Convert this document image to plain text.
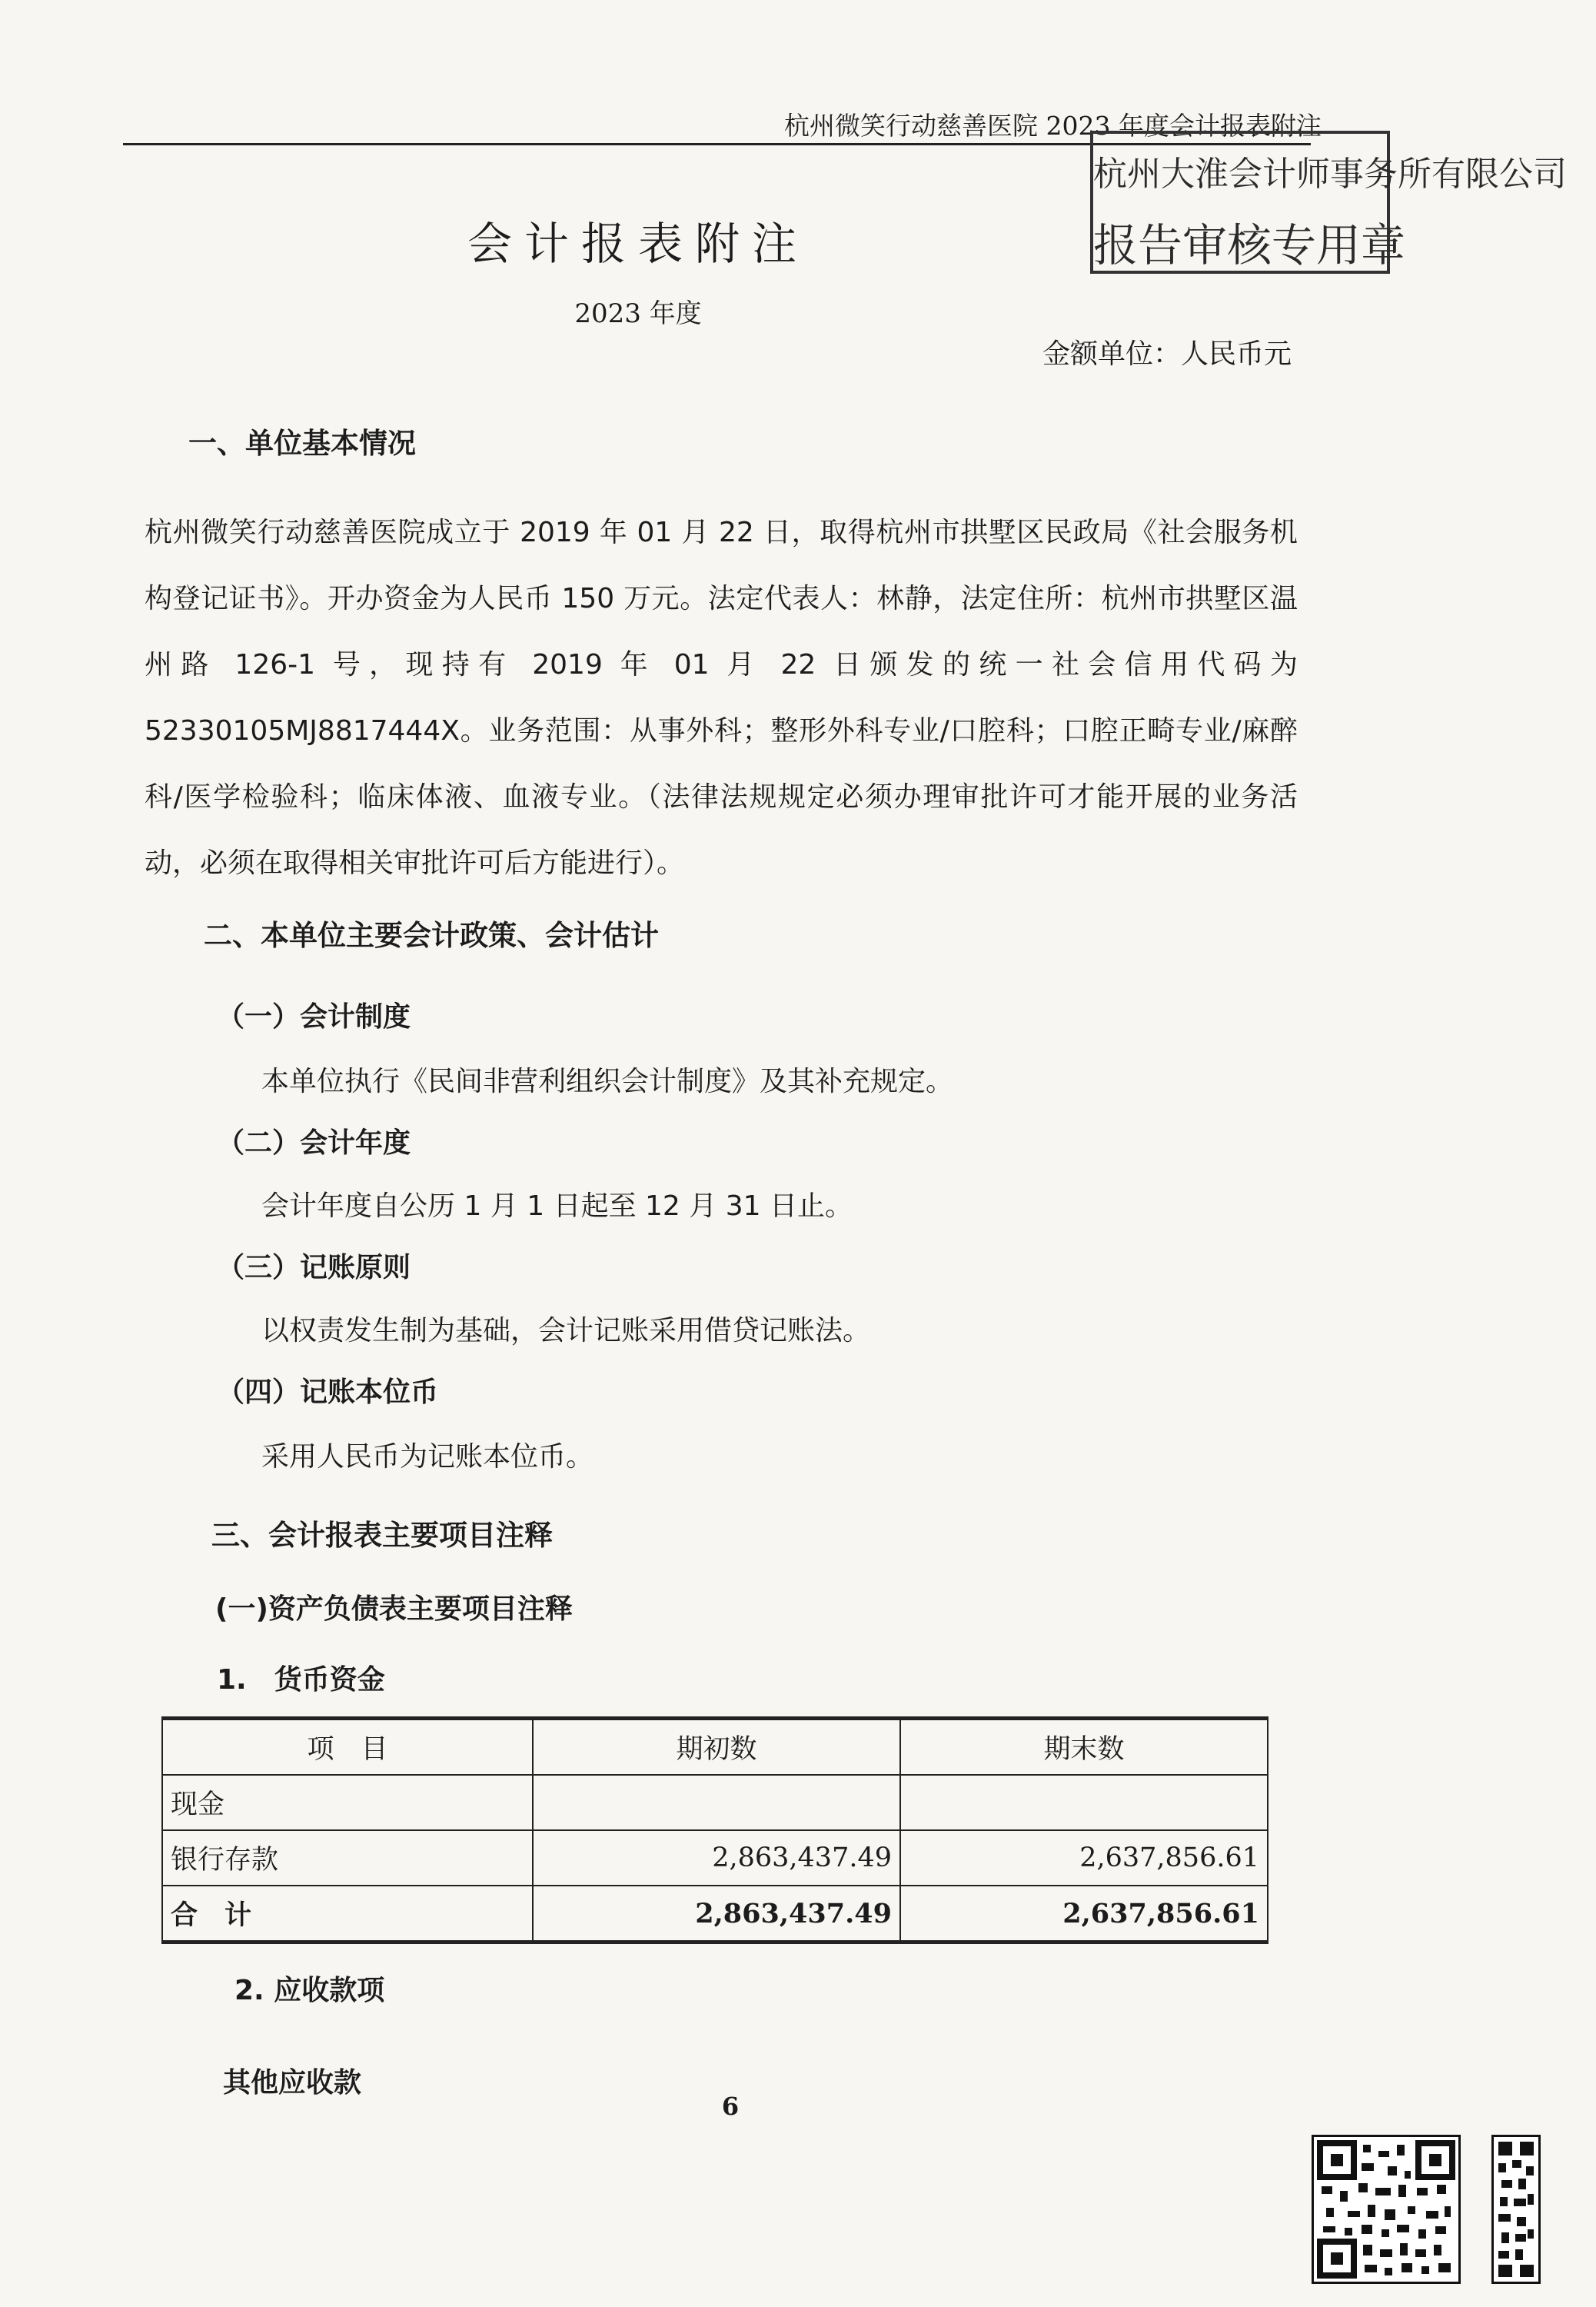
杭州微笑行动慈善医院 2023 年度会计报表附注
杭州大淮会计师事务所有限公司
报告审核专用章
会计报表附注
2023 年度
金额单位：人民币元
一、单位基本情况
杭州微笑行动慈善医院成立于 2019 年 01 月 22 日，取得杭州市拱墅区民政局《社会服务机构登记证书》。开办资金为人民币 150 万元。法定代表人：林静，法定住所：杭州市拱墅区温州路 126-1 号，现持有 2019 年 01 月 22 日颁发的统一社会信用代码为 52330105MJ8817444X。业务范围：从事外科；整形外科专业/口腔科；口腔正畸专业/麻醉科/医学检验科；临床体液、血液专业。（法律法规规定必须办理审批许可才能开展的业务活动，必须在取得相关审批许可后方能进行）。
二、本单位主要会计政策、会计估计
（一）会计制度
本单位执行《民间非营利组织会计制度》及其补充规定。
（二）会计年度
会计年度自公历 1 月 1 日起至 12 月 31 日止。
（三）记账原则
以权责发生制为基础，会计记账采用借贷记账法。
（四）记账本位币
采用人民币为记账本位币。
三、会计报表主要项目注释
(一)资产负债表主要项目注释
1.　货币资金
项　目	期初数	期末数
现金		
银行存款	2,863,437.49	2,637,856.61
合　计	2,863,437.49	2,637,856.61
2. 应收款项
其他应收款
6
